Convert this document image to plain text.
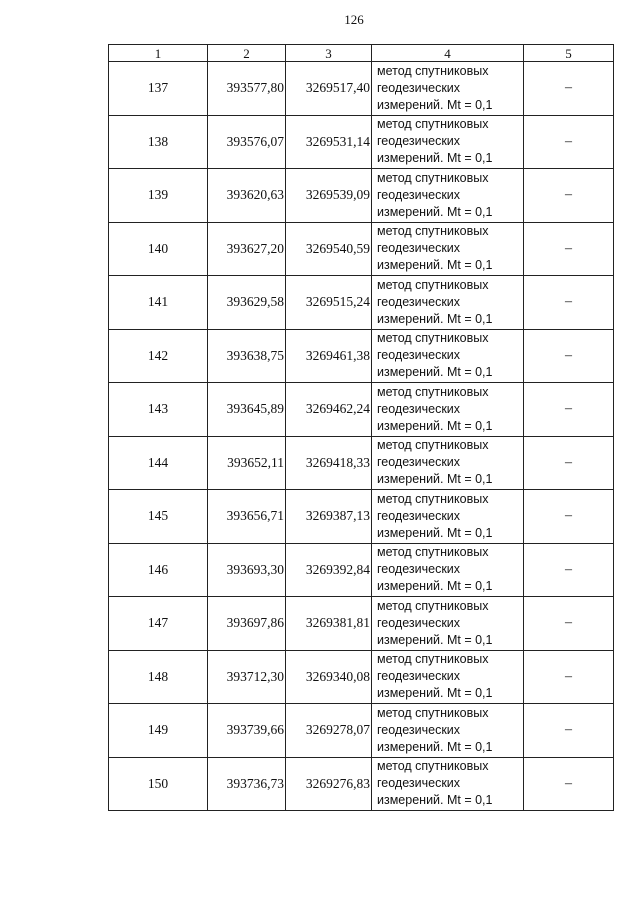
126
1	2	3	4	5
137	393577,80	3269517,40	метод спутниковых
геодезических
измерений. Mt = 0,1	–
138	393576,07	3269531,14	метод спутниковых
геодезических
измерений. Mt = 0,1	–
139	393620,63	3269539,09	метод спутниковых
геодезических
измерений. Mt = 0,1	–
140	393627,20	3269540,59	метод спутниковых
геодезических
измерений. Mt = 0,1	–
141	393629,58	3269515,24	метод спутниковых
геодезических
измерений. Mt = 0,1	–
142	393638,75	3269461,38	метод спутниковых
геодезических
измерений. Mt = 0,1	–
143	393645,89	3269462,24	метод спутниковых
геодезических
измерений. Mt = 0,1	–
144	393652,11	3269418,33	метод спутниковых
геодезических
измерений. Mt = 0,1	–
145	393656,71	3269387,13	метод спутниковых
геодезических
измерений. Mt = 0,1	–
146	393693,30	3269392,84	метод спутниковых
геодезических
измерений. Mt = 0,1	–
147	393697,86	3269381,81	метод спутниковых
геодезических
измерений. Mt = 0,1	–
148	393712,30	3269340,08	метод спутниковых
геодезических
измерений. Mt = 0,1	–
149	393739,66	3269278,07	метод спутниковых
геодезических
измерений. Mt = 0,1	–
150	393736,73	3269276,83	метод спутниковых
геодезических
измерений. Mt = 0,1	–
